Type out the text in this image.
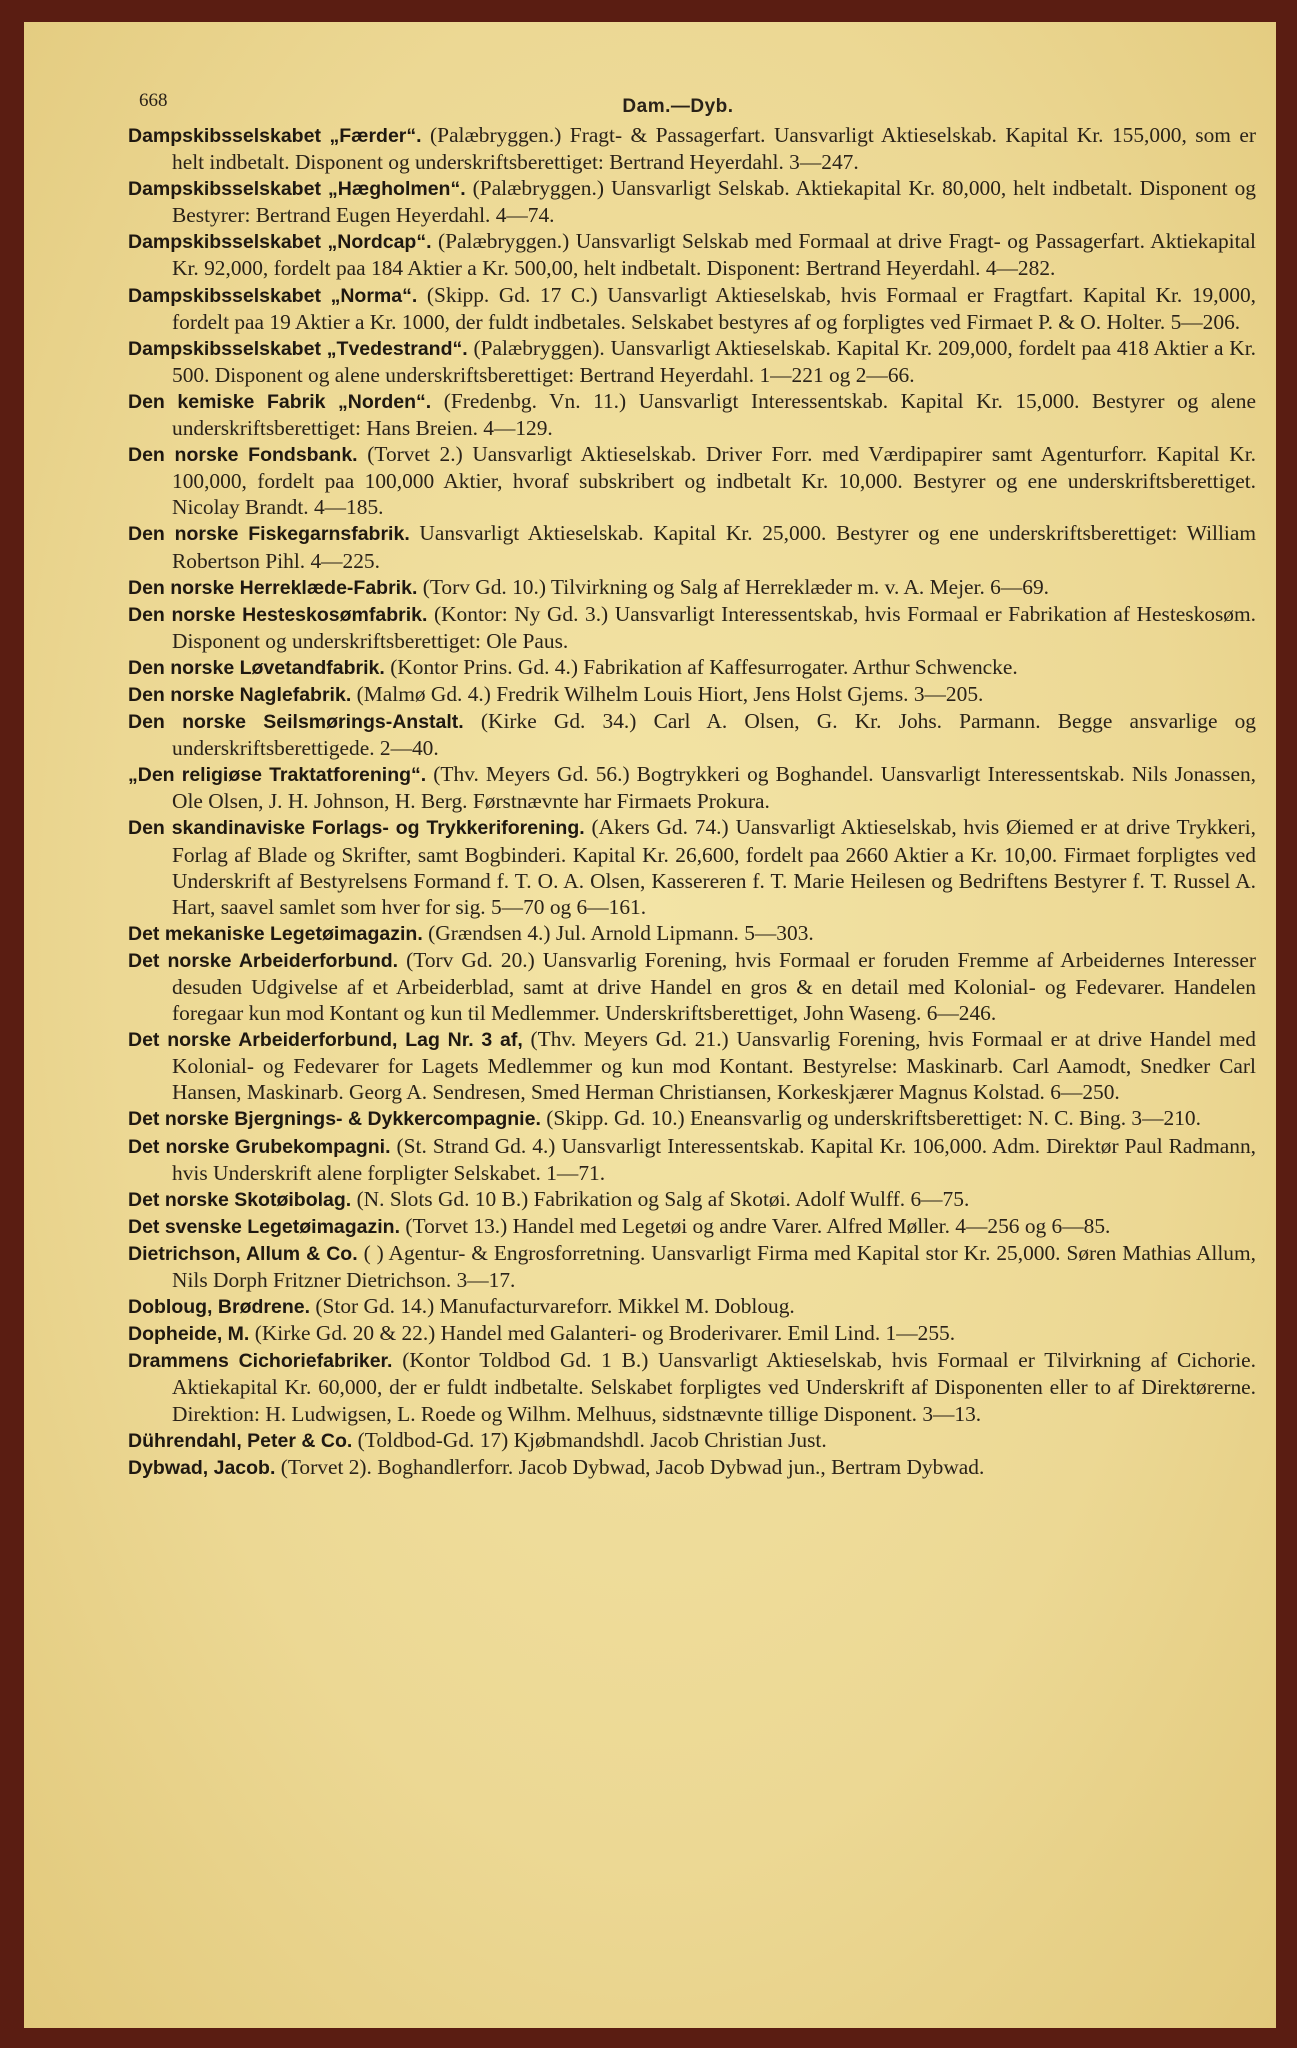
668	Dam.—Dyb.
Dampskibsselskabet „Færder“. (Palæbryggen.) Fragt- & Passagerfart. Uansvarligt Aktieselskab. Kapital Kr. 155,000, som er helt indbetalt. Disponent og underskriftsberettiget: Bertrand Heyerdahl. 3—247.
Dampskibsselskabet „Hægholmen“. (Palæbryggen.) Uansvarligt Selskab. Aktiekapital Kr. 80,000, helt indbetalt. Disponent og Bestyrer: Bertrand Eugen Heyerdahl. 4—74.
Dampskibsselskabet „Nordcap“. (Palæbryggen.) Uansvarligt Selskab med Formaal at drive Fragt- og Passagerfart. Aktiekapital Kr. 92,000, fordelt paa 184 Aktier a Kr. 500,00, helt indbetalt. Disponent: Bertrand Heyerdahl. 4—282.
Dampskibsselskabet „Norma“. (Skipp. Gd. 17 C.) Uansvarligt Aktieselskab, hvis Formaal er Fragtfart. Kapital Kr. 19,000, fordelt paa 19 Aktier a Kr. 1000, der fuldt indbetales. Selskabet bestyres af og forpligtes ved Firmaet P. & O. Holter. 5—206.
Dampskibsselskabet „Tvedestrand“. (Palæbryggen). Uansvarligt Aktieselskab. Kapital Kr. 209,000, fordelt paa 418 Aktier a Kr. 500. Disponent og alene underskriftsberettiget: Bertrand Heyerdahl. 1—221 og 2—66.
Den kemiske Fabrik „Norden“. (Fredenbg. Vn. 11.) Uansvarligt Interessentskab. Kapital Kr. 15,000. Bestyrer og alene underskriftsberettiget: Hans Breien. 4—129.
Den norske Fondsbank. (Torvet 2.) Uansvarligt Aktieselskab. Driver Forr. med Værdipapirer samt Agenturforr. Kapital Kr. 100,000, fordelt paa 100,000 Aktier, hvoraf subskribert og indbetalt Kr. 10,000. Bestyrer og ene underskriftsberettiget. Nicolay Brandt. 4—185.
Den norske Fiskegarnsfabrik. Uansvarligt Aktieselskab. Kapital Kr. 25,000. Bestyrer og ene underskriftsberettiget: William Robertson Pihl. 4—225.
Den norske Herreklæde-Fabrik. (Torv Gd. 10.) Tilvirkning og Salg af Herreklæder m. v. A. Mejer. 6—69.
Den norske Hesteskosømfabrik. (Kontor: Ny Gd. 3.) Uansvarligt Interessentskab, hvis Formaal er Fabrikation af Hesteskosøm. Disponent og underskriftsberettiget: Ole Paus.
Den norske Løvetandfabrik. (Kontor Prins. Gd. 4.) Fabrikation af Kaffesurrogater. Arthur Schwencke.
Den norske Naglefabrik. (Malmø Gd. 4.) Fredrik Wilhelm Louis Hiort, Jens Holst Gjems. 3—205.
Den norske Seilsmørings-Anstalt. (Kirke Gd. 34.) Carl A. Olsen, G. Kr. Johs. Parmann. Begge ansvarlige og underskriftsberettigede. 2—40.
„Den religiøse Traktatforening“. (Thv. Meyers Gd. 56.) Bogtrykkeri og Boghandel. Uansvarligt Interessentskab. Nils Jonassen, Ole Olsen, J. H. Johnson, H. Berg. Førstnævnte har Firmaets Prokura.
Den skandinaviske Forlags- og Trykkeriforening. (Akers Gd. 74.) Uansvarligt Aktieselskab, hvis Øiemed er at drive Trykkeri, Forlag af Blade og Skrifter, samt Bogbinderi. Kapital Kr. 26,600, fordelt paa 2660 Aktier a Kr. 10,00. Firmaet forpligtes ved Underskrift af Bestyrelsens Formand f. T. O. A. Olsen, Kassereren f. T. Marie Heilesen og Bedriftens Bestyrer f. T. Russel A. Hart, saavel samlet som hver for sig. 5—70 og 6—161.
Det mekaniske Legetøimagazin. (Grændsen 4.) Jul. Arnold Lipmann. 5—303.
Det norske Arbeiderforbund. (Torv Gd. 20.) Uansvarlig Forening, hvis Formaal er foruden Fremme af Arbeidernes Interesser desuden Udgivelse af et Arbeiderblad, samt at drive Handel en gros & en detail med Kolonial- og Fedevarer. Handelen foregaar kun mod Kontant og kun til Medlemmer. Underskriftsberettiget, John Waseng. 6—246.
Det norske Arbeiderforbund, Lag Nr. 3 af, (Thv. Meyers Gd. 21.) Uansvarlig Forening, hvis Formaal er at drive Handel med Kolonial- og Fedevarer for Lagets Medlemmer og kun mod Kontant. Bestyrelse: Maskinarb. Carl Aamodt, Snedker Carl Hansen, Maskinarb. Georg A. Sendresen, Smed Herman Christiansen, Korkeskjærer Magnus Kolstad. 6—250.
Det norske Bjergnings- & Dykkercompagnie. (Skipp. Gd. 10.) Eneansvarlig og underskriftsberettiget: N. C. Bing. 3—210.
Det norske Grubekompagni. (St. Strand Gd. 4.) Uansvarligt Interessentskab. Kapital Kr. 106,000. Adm. Direktør Paul Radmann, hvis Underskrift alene forpligter Selskabet. 1—71.
Det norske Skotøibolag. (N. Slots Gd. 10 B.) Fabrikation og Salg af Skotøi. Adolf Wulff. 6—75.
Det svenske Legetøimagazin. (Torvet 13.) Handel med Legetøi og andre Varer. Alfred Møller. 4—256 og 6—85.
Dietrichson, Allum & Co. ( ) Agentur- & Engrosforretning. Uansvarligt Firma med Kapital stor Kr. 25,000. Søren Mathias Allum, Nils Dorph Fritzner Dietrichson. 3—17.
Dobloug, Brødrene. (Stor Gd. 14.) Manufacturvareforr. Mikkel M. Dobloug.
Dopheide, M. (Kirke Gd. 20 & 22.) Handel med Galanteri- og Broderivarer. Emil Lind. 1—255.
Drammens Cichoriefabriker. (Kontor Toldbod Gd. 1 B.) Uansvarligt Aktieselskab, hvis Formaal er Tilvirkning af Cichorie. Aktiekapital Kr. 60,000, der er fuldt indbetalte. Selskabet forpligtes ved Underskrift af Disponenten eller to af Direktørerne. Direktion: H. Ludwigsen, L. Roede og Wilhm. Melhuus, sidstnævnte tillige Disponent. 3—13.
Dührendahl, Peter & Co. (Toldbod-Gd. 17) Kjøbmandshdl. Jacob Christian Just.
Dybwad, Jacob. (Torvet 2). Boghandlerforr. Jacob Dybwad, Jacob Dybwad jun., Bertram Dybwad.
